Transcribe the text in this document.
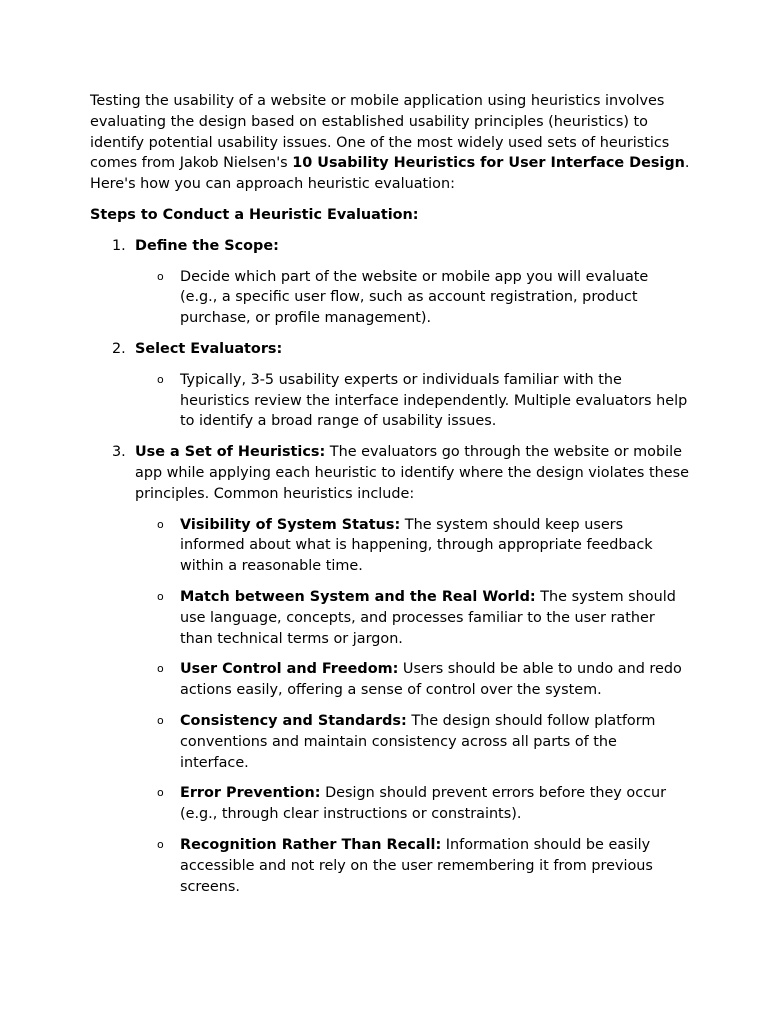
Testing the usability of a website or mobile application using heuristics involves evaluating the design based on established usability principles (heuristics) to identify potential usability issues. One of the most widely used sets of heuristics comes from Jakob Nielsen's 10 Usability Heuristics for User Interface Design. Here's how you can approach heuristic evaluation:

Steps to Conduct a Heuristic Evaluation:

1. Define the Scope:
o Decide which part of the website or mobile app you will evaluate (e.g., a specific user flow, such as account registration, product purchase, or profile management).
2. Select Evaluators:
o Typically, 3-5 usability experts or individuals familiar with the heuristics review the interface independently. Multiple evaluators help to identify a broad range of usability issues.
3. Use a Set of Heuristics: The evaluators go through the website or mobile app while applying each heuristic to identify where the design violates these principles. Common heuristics include:
o Visibility of System Status: The system should keep users informed about what is happening, through appropriate feedback within a reasonable time.
o Match between System and the Real World: The system should use language, concepts, and processes familiar to the user rather than technical terms or jargon.
o User Control and Freedom: Users should be able to undo and redo actions easily, offering a sense of control over the system.
o Consistency and Standards: The design should follow platform conventions and maintain consistency across all parts of the interface.
o Error Prevention: Design should prevent errors before they occur (e.g., through clear instructions or constraints).
o Recognition Rather Than Recall: Information should be easily accessible and not rely on the user remembering it from previous screens.
